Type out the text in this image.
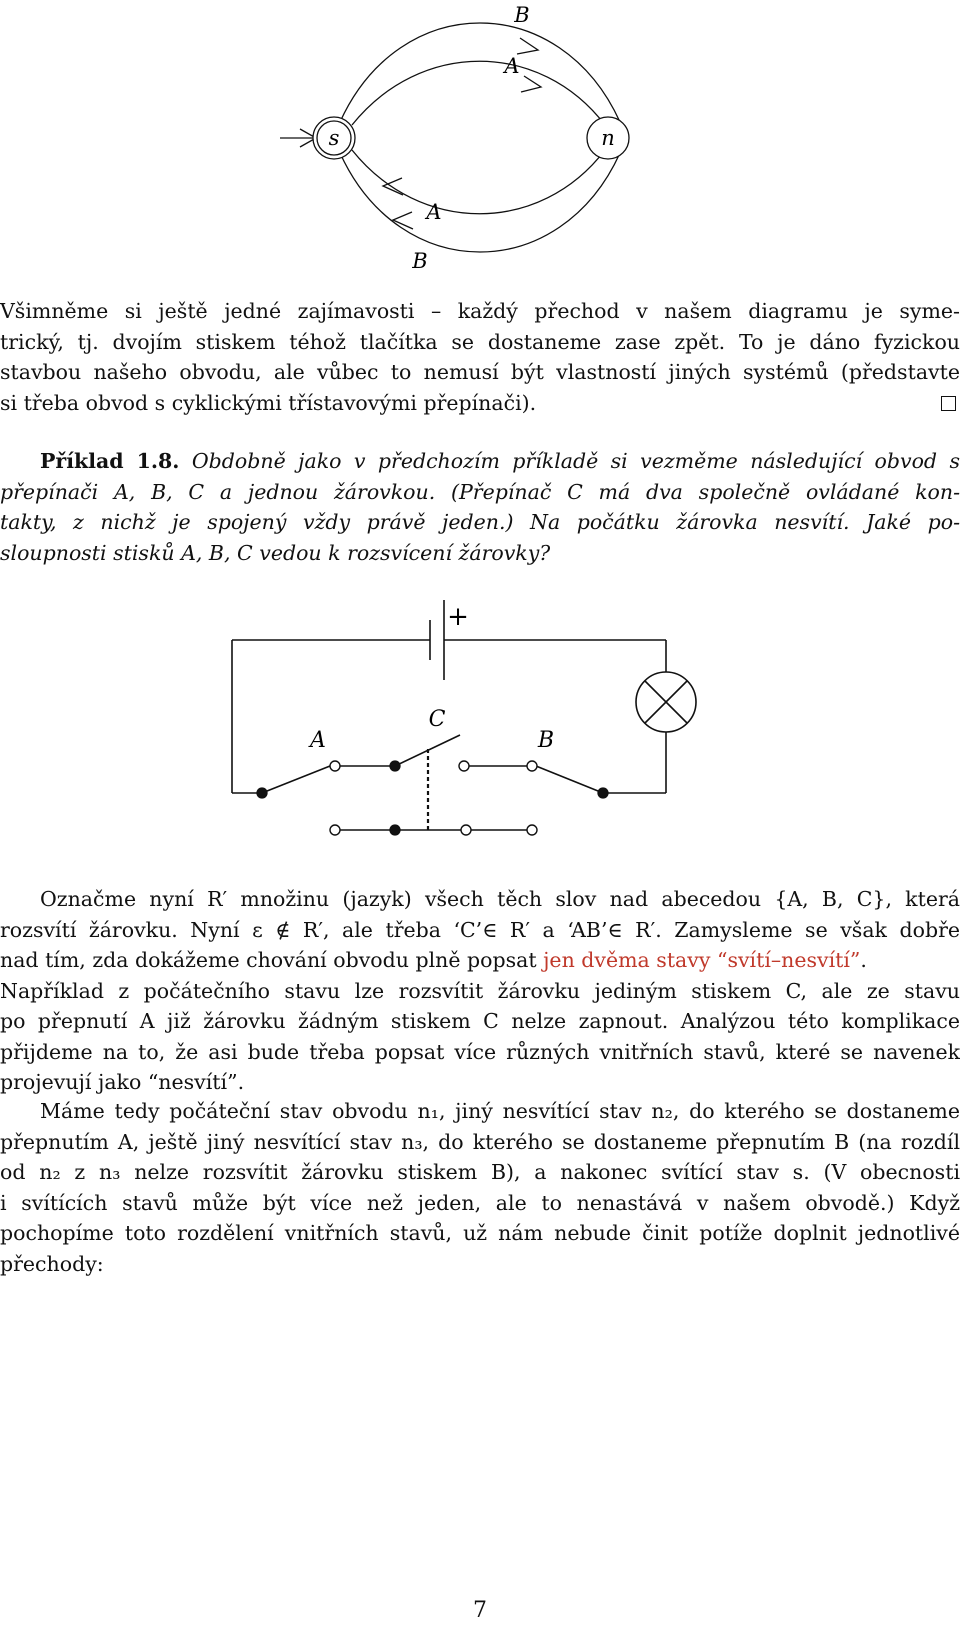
s	n
B
A
A
B

Všimněme si ještě jedné zajímavosti – každý přechod v našem diagramu je syme-

trický, tj. dvojím stiskem téhož tlačítka se dostaneme zase zpět. To je dáno fyzickou

stavbou našeho obvodu, ale vůbec to nemusí být vlastností jiných systémů (představte

si třeba obvod s cyklickými třístavovými přepínači).

Příklad 1.8. Obdobně jako v předchozím příkladě si vezměme následující obvod s

přepínači A, B, C a jednou žárovkou. (Přepínač C má dva společně ovládané kon-

takty, z nichž je spojený vždy právě jeden.) Na počátku žárovka nesvítí. Jaké po-

sloupnosti stisků A, B, C vedou k rozsvícení žárovky?

+
A
C
B

Označme nyní R′ množinu (jazyk) všech těch slov nad abecedou {A, B, C}, která

rozsvítí žárovku. Nyní ε ∉ R′, ale třeba ‘C’∈ R′ a ‘AB’∈ R′. Zamysleme se však dobře

nad tím, zda dokážeme chování obvodu plně popsat jen dvěma stavy “svítí–nesvítí”.

Například z počátečního stavu lze rozsvítit žárovku jediným stiskem C, ale ze stavu

po přepnutí A již žárovku žádným stiskem C nelze zapnout. Analýzou této komplikace

přijdeme na to, že asi bude třeba popsat více různých vnitřních stavů, které se navenek

projevují jako “nesvítí”.

Máme tedy počáteční stav obvodu n₁, jiný nesvítící stav n₂, do kterého se dostaneme

přepnutím A, ještě jiný nesvítící stav n₃, do kterého se dostaneme přepnutím B (na rozdíl

od n₂ z n₃ nelze rozsvítit žárovku stiskem B), a nakonec svítící stav s. (V obecnosti

i svítících stavů může být více než jeden, ale to nenastává v našem obvodě.) Když

pochopíme toto rozdělení vnitřních stavů, už nám nebude činit potíže doplnit jednotlivé

přechody:

7
